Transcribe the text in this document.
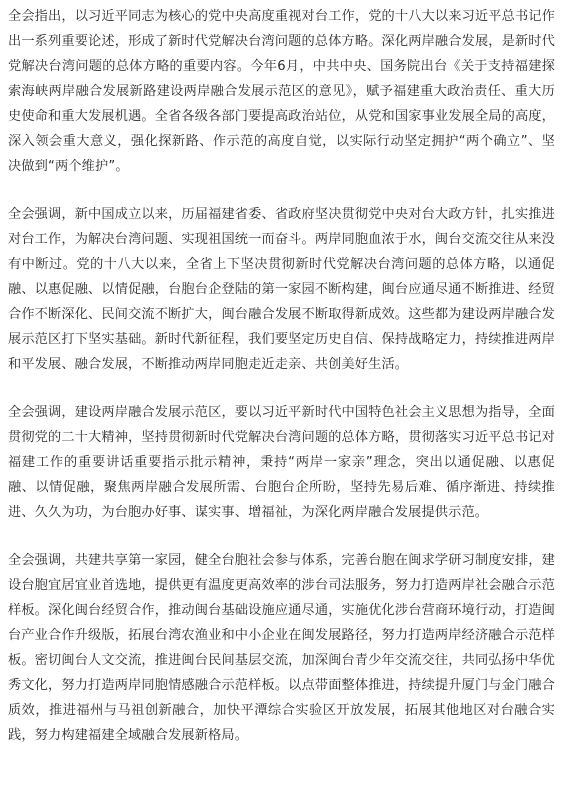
全会指出，以习近平同志为核心的党中央高度重视对台工作，党的十八大以来习近平总书记作出一系列重要论述，形成了新时代党解决台湾问题的总体方略。深化两岸融合发展，是新时代党解决台湾问题的总体方略的重要内容。今年6月，中共中央、国务院出台《关于支持福建探索海峡两岸融合发展新路建设两岸融合发展示范区的意见》，赋予福建重大政治责任、重大历史使命和重大发展机遇。全省各级各部门要提高政治站位，从党和国家事业发展全局的高度，深入领会重大意义，强化探新路、作示范的高度自觉，以实际行动坚定拥护“两个确立”、坚决做到“两个维护”。

全会强调，新中国成立以来，历届福建省委、省政府坚决贯彻党中央对台大政方针，扎实推进对台工作，为解决台湾问题、实现祖国统一而奋斗。两岸同胞血浓于水，闽台交流交往从来没有中断过。党的十八大以来，全省上下坚决贯彻新时代党解决台湾问题的总体方略，以通促融、以惠促融、以情促融，台胞台企登陆的第一家园不断构建，闽台应通尽通不断推进、经贸合作不断深化、民间交流不断扩大，闽台融合发展不断取得新成效。这些都为建设两岸融合发展示范区打下坚实基础。新时代新征程，我们要坚定历史自信、保持战略定力，持续推进两岸和平发展、融合发展，不断推动两岸同胞走近走亲、共创美好生活。

全会强调，建设两岸融合发展示范区，要以习近平新时代中国特色社会主义思想为指导，全面贯彻党的二十大精神，坚持贯彻新时代党解决台湾问题的总体方略，贯彻落实习近平总书记对福建工作的重要讲话重要指示批示精神，秉持“两岸一家亲”理念，突出以通促融、以惠促融、以情促融，聚焦两岸融合发展所需、台胞台企所盼，坚持先易后难、循序渐进、持续推进、久久为功，为台胞办好事、谋实事、增福祉，为深化两岸融合发展提供示范。

全会强调，共建共享第一家园，健全台胞社会参与体系，完善台胞在闽求学研习制度安排，建设台胞宜居宜业首选地，提供更有温度更高效率的涉台司法服务，努力打造两岸社会融合示范样板。深化闽台经贸合作，推动闽台基础设施应通尽通，实施优化涉台营商环境行动，打造闽台产业合作升级版，拓展台湾农渔业和中小企业在闽发展路径，努力打造两岸经济融合示范样板。密切闽台人文交流，推进闽台民间基层交流，加深闽台青少年交流交往，共同弘扬中华优秀文化，努力打造两岸同胞情感融合示范样板。以点带面整体推进，持续提升厦门与金门融合质效，推进福州与马祖创新融合，加快平潭综合实验区开放发展，拓展其他地区对台融合实践，努力构建福建全域融合发展新格局。
